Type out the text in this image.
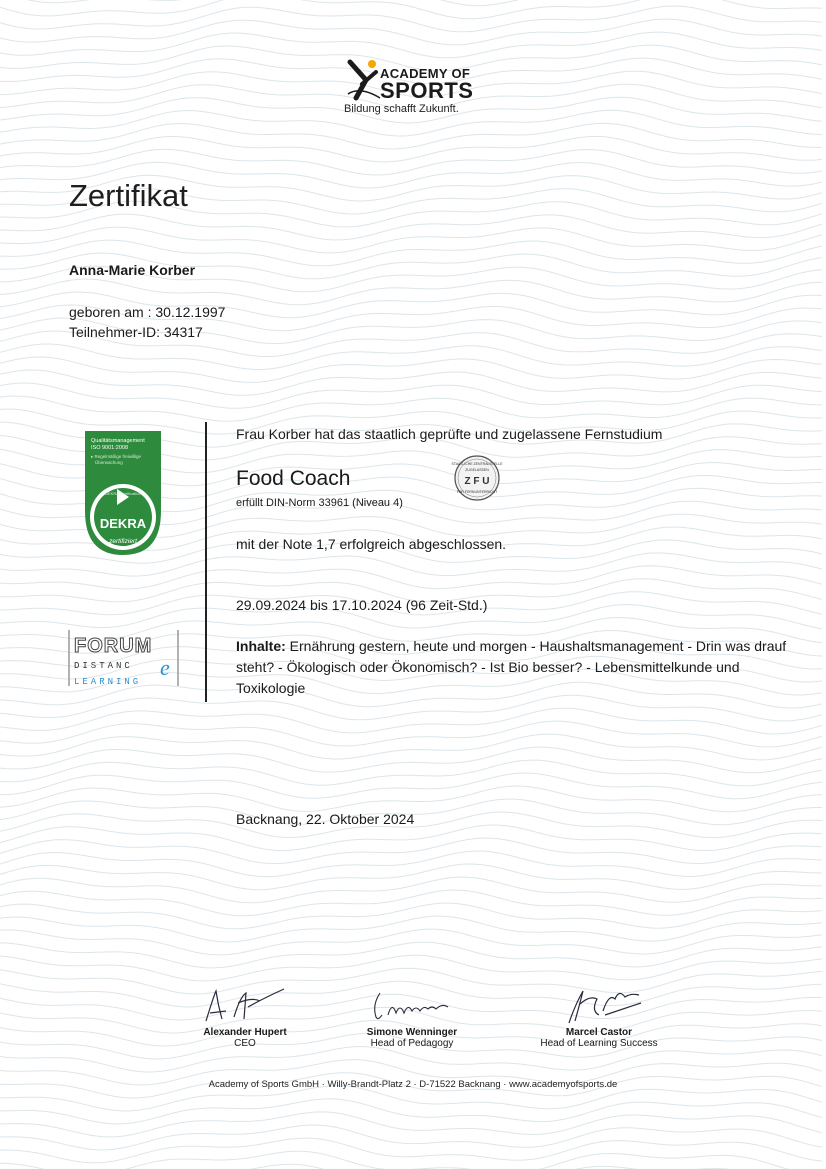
ACADEMY OF
SPORTS
Bildung schafft Zukunft.
Zertifikat
Anna-Marie Korber
geboren am : 30.12.1997
Teilnehmer-ID: 34317
Qualitätsmanagement
ISO 9001:2008
▸ Regelmäßige freiwillige
Überwachung
DEKRA
zertifiziert
DEKRA Certification
FORUM
DISTANC e
LEARNING
Frau Korber hat das staatlich geprüfte und zugelassene Fernstudium
Food Coach
erfüllt DIN-Norm 33961 (Niveau 4)
STAATLICHE ZENTRALSTELLE
ZUGELASSEN
Z F U
FÜR FERNUNTERRICHT
mit der Note 1,7 erfolgreich abgeschlossen.
29.09.2024 bis 17.10.2024 (96 Zeit-Std.)
Inhalte: Ernährung gestern, heute und morgen - Haushaltsmanagement - Drin was drauf steht? - Ökologisch oder Ökonomisch? - Ist Bio besser? - Lebensmittelkunde und Toxikologie
Backnang, 22. Oktober 2024
Alexander Hupert
CEO
Simone Wenninger
Head of Pedagogy
Marcel Castor
Head of Learning Success
Academy of Sports GmbH · Willy-Brandt-Platz 2 · D-71522 Backnang · www.academyofsports.de
